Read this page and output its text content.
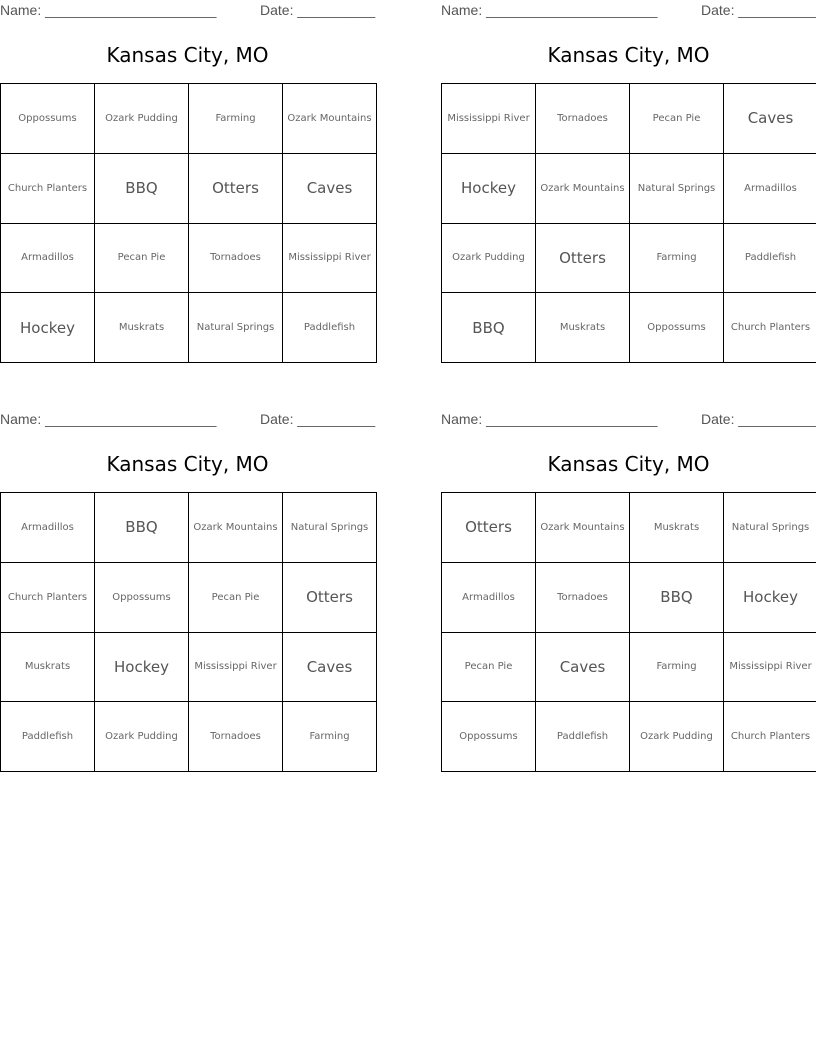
Name: ______________________	Date: __________
Kansas City, MO
Oppossums	Ozark Pudding	Farming	Ozark Mountains
Church Planters	BBQ	Otters	Caves
Armadillos	Pecan Pie	Tornadoes	Mississippi River
Hockey	Muskrats	Natural Springs	Paddlefish
Name: ______________________	Date: __________
Kansas City, MO
Mississippi River	Tornadoes	Pecan Pie	Caves
Hockey	Ozark Mountains	Natural Springs	Armadillos
Ozark Pudding	Otters	Farming	Paddlefish
BBQ	Muskrats	Oppossums	Church Planters
Name: ______________________	Date: __________
Kansas City, MO
Armadillos	BBQ	Ozark Mountains	Natural Springs
Church Planters	Oppossums	Pecan Pie	Otters
Muskrats	Hockey	Mississippi River	Caves
Paddlefish	Ozark Pudding	Tornadoes	Farming
Name: ______________________	Date: __________
Kansas City, MO
Otters	Ozark Mountains	Muskrats	Natural Springs
Armadillos	Tornadoes	BBQ	Hockey
Pecan Pie	Caves	Farming	Mississippi River
Oppossums	Paddlefish	Ozark Pudding	Church Planters
